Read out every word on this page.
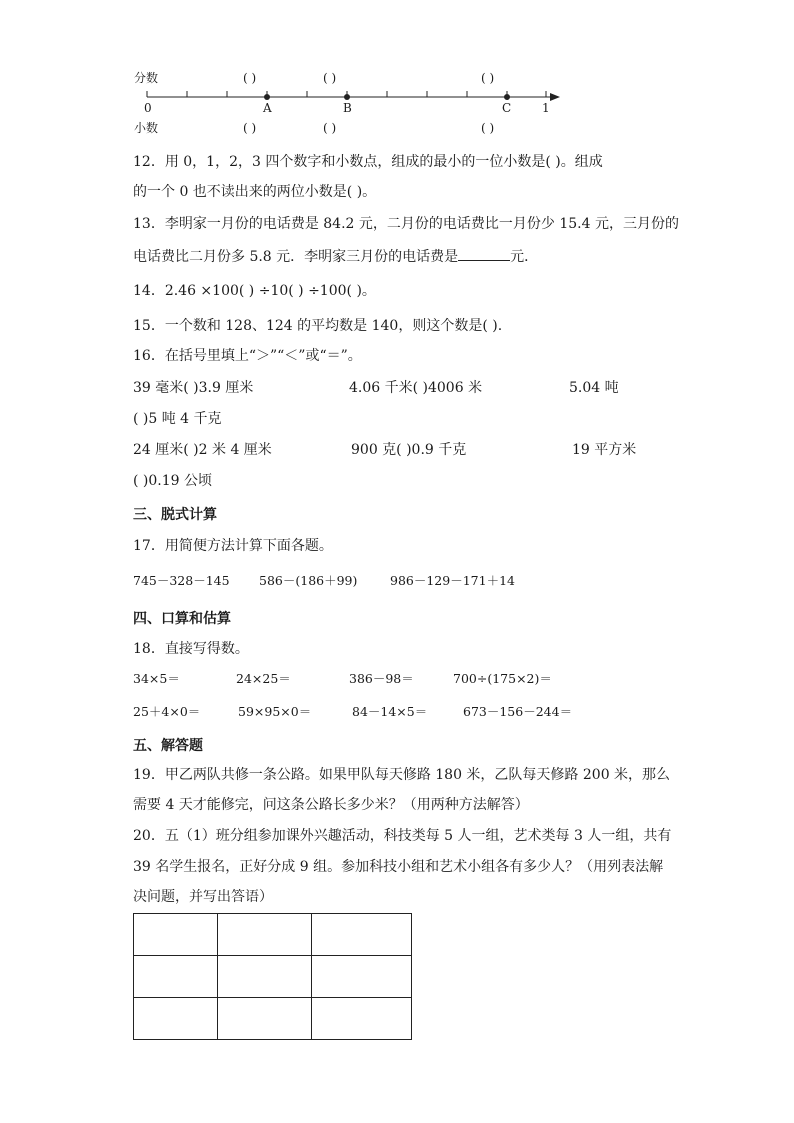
分数
小数
( )	( )	( )
( )	( )	( )
0	1
A	B	C
12．用 0，1，2，3 四个数字和小数点，组成的最小的一位小数是( )。组成
的一个 0 也不读出来的两位小数是( )。
13．李明家一月份的电话费是 84.2 元，二月份的电话费比一月份少 15.4 元，三月份的
电话费比二月份多 5.8 元．李明家三月份的电话费是	元．
14．2.46 ×100( ) ÷10( ) ÷100( )。
15．一个数和 128、124 的平均数是 140，则这个数是( ).
16．在括号里填上“＞”“＜”或“＝”。
39 毫米( )3.9 厘米	4.06 千米( )4006 米	5.04 吨
( )5 吨 4 千克
24 厘米( )2 米 4 厘米	900 克( )0.9 千克	19 平方米
( )0.19 公顷
三、脱式计算
17．用简便方法计算下面各题。
745－328－145 586－(186＋99)	986－129－171＋14
四、口算和估算
18．直接写得数。
34×5＝	24×25＝	386－98＝	700÷(175×2)＝
25＋4×0＝	59×95×0＝	84－14×5＝	673－156－244＝
五、解答题
19．甲乙两队共修一条公路。如果甲队每天修路 180 米，乙队每天修路 200 米，那么
需要 4 天才能修完，问这条公路长多少米？（用两种方法解答）
20．五（1）班分组参加课外兴趣活动，科技类每 5 人一组，艺术类每 3 人一组，共有
39 名学生报名，正好分成 9 组。参加科技小组和艺术小组各有多少人？（用列表法解
决问题，并写出答语）
